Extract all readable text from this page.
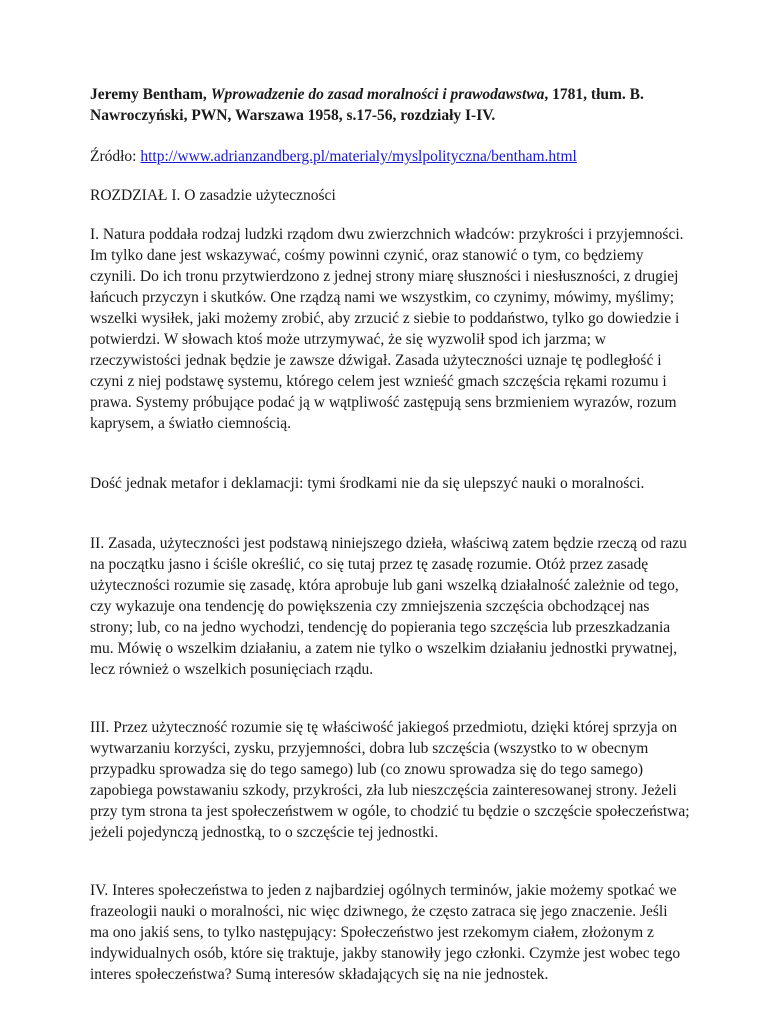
Jeremy Bentham, Wprowadzenie do zasad moralności i prawodawstwa, 1781, tłum. B. Nawroczyński, PWN, Warszawa 1958, s.17-56, rozdziały I-IV.

Źródło: http://www.adrianzandberg.pl/materialy/myslpolityczna/bentham.html

ROZDZIAŁ I. O zasadzie użyteczności

I. Natura poddała rodzaj ludzki rządom dwu zwierzchnich władców: przykrości i przyjemności. Im tylko dane jest wskazywać, cośmy powinni czynić, oraz stanowić o tym, co będziemy czynili. Do ich tronu przytwierdzono z jednej strony miarę słuszności i niesłuszności, z drugiej łańcuch przyczyn i skutków. One rządzą nami we wszystkim, co czynimy, mówimy, myślimy; wszelki wysiłek, jaki możemy zrobić, aby zrzucić z siebie to poddaństwo, tylko go dowiedzie i potwierdzi. W słowach ktoś może utrzymywać, że się wyzwolił spod ich jarzma; w rzeczywistości jednak będzie je zawsze dźwigał. Zasada użyteczności uznaje tę podległość i czyni z niej podstawę systemu, którego celem jest wznieść gmach szczęścia rękami rozumu i prawa. Systemy próbujące podać ją w wątpliwość zastępują sens brzmieniem wyrazów, rozum kaprysem, a światło ciemnością.

Dość jednak metafor i deklamacji: tymi środkami nie da się ulepszyć nauki o moralności.

II. Zasada, użyteczności jest podstawą niniejszego dzieła, właściwą zatem będzie rzeczą od razu na początku jasno i ściśle określić, co się tutaj przez tę zasadę rozumie. Otóż przez zasadę użyteczności rozumie się zasadę, która aprobuje lub gani wszelką działalność zależnie od tego, czy wykazuje ona tendencję do powiększenia czy zmniejszenia szczęścia obchodzącej nas strony; lub, co na jedno wychodzi, tendencję do popierania tego szczęścia lub przeszkadzania mu. Mówię o wszelkim działaniu, a zatem nie tylko o wszelkim działaniu jednostki prywatnej, lecz również o wszelkich posunięciach rządu.

III. Przez użyteczność rozumie się tę właściwość jakiegoś przedmiotu, dzięki której sprzyja on wytwarzaniu korzyści, zysku, przyjemności, dobra lub szczęścia (wszystko to w obecnym przypadku sprowadza się do tego samego) lub (co znowu sprowadza się do tego samego) zapobiega powstawaniu szkody, przykrości, zła lub nieszczęścia zainteresowanej strony. Jeżeli przy tym strona ta jest społeczeństwem w ogóle, to chodzić tu będzie o szczęście społeczeństwa; jeżeli pojedynczą jednostką, to o szczęście tej jednostki.

IV. Interes społeczeństwa to jeden z najbardziej ogólnych terminów, jakie możemy spotkać we frazeologii nauki o moralności, nic więc dziwnego, że często zatraca się jego znaczenie. Jeśli ma ono jakiś sens, to tylko następujący: Społeczeństwo jest rzekomym ciałem, złożonym z indywidualnych osób, które się traktuje, jakby stanowiły jego członki. Czymże jest wobec tego interes społeczeństwa? Sumą interesów składających się na nie jednostek.
